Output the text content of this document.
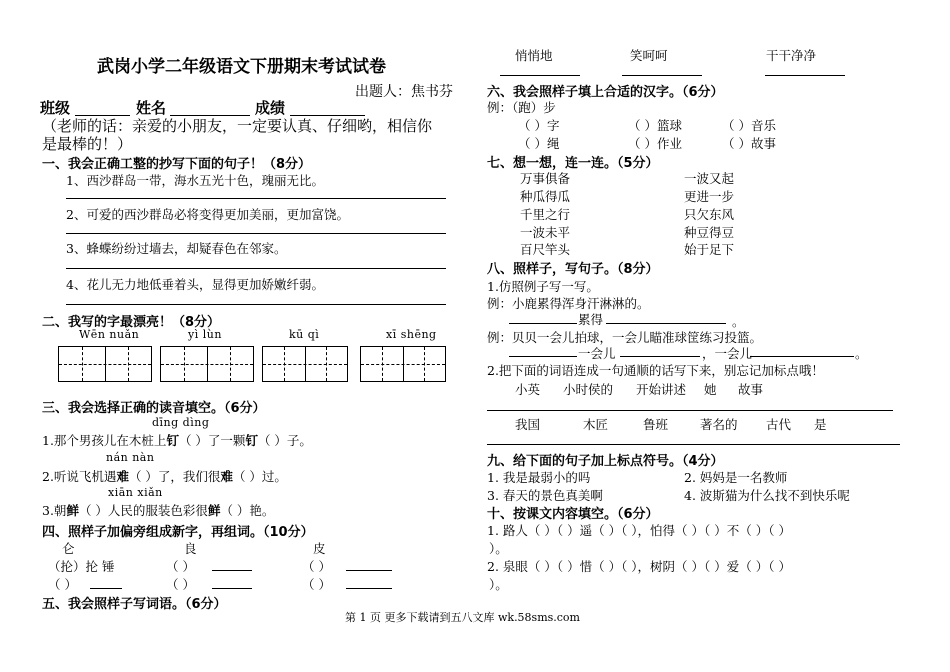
武岗小学二年级语文下册期末考试试卷
出题人：焦书芬
班级	姓名	成绩
（老师的话：亲爱的小朋友，一定要认真、仔细哟，相信你
是最棒的！）
一、我会正确工整的抄写下面的句子！（8分）
1、西沙群岛一带，海水五光十色，瑰丽无比。
2、可爱的西沙群岛必将变得更加美丽，更加富饶。
3、蜂蝶纷纷过墙去，却疑春色在邻家。
4、花儿无力地低垂着头，显得更加娇嫩纤弱。
二、我写的字最漂亮！（8分）
Wēn nuǎn	yì lùn	kū qì	xī shēng
三、我会选择正确的读音填空。（6分）
dīng dìng
1.那个男孩儿在木桩上钉（ ）了一颗钉（ ）子。
nán nàn
2.听说飞机遇难（ ）了，我们很难（ ）过。
xiān xiǎn
3.朝鲜（ ）人民的服装色彩很鲜（ ）艳。
四、照样子加偏旁组成新字，再组词。（10分）
仑	良	皮
（抡）抡 锤	（ ）	（ ）
（ ）	（ ）	（ ）
五、我会照样子写词语。（6分）
悄悄地	笑呵呵	干干净净
六、我会照样子填上合适的汉字。（6分）
例：（跑）步
（ ）字	（ ）篮球	（ ）音乐
（ ）绳	（ ）作业	（ ）故事
七、想一想，连一连。（5分）
万事俱备
种瓜得瓜
千里之行
一波未平
百尺竿头
一波又起
更进一步
只欠东风
种豆得豆
始于足下
八、照样子，写句子。（8分）
1.仿照例子写一写。
例：小鹿累得浑身汗淋淋的。
累得	。
例：贝贝一会儿拍球，一会儿瞄准球筐练习投篮。
一会儿	，一会儿	。
2.把下面的词语连成一句通顺的话写下来，别忘记加标点哦！
小英 小时侯的 开始讲述 她 故事
我国	木匠	鲁班	著名的 古代 是
九、给下面的句子加上标点符号。（4分）
1. 我是最弱小的吗	2. 妈妈是一名教师
3. 春天的景色真美啊	4. 波斯猫为什么找不到快乐呢
十、按课文内容填空。（6分）
1. 路人（ ）（ ）遥（ ）（ ），怕得（ ）（ ）不（ ）（ ）
）。
2. 泉眼（ ）（ ）惜（ ）（ ），树阴（ ）（ ）爱（ ）（ ）
）。
第 1 页 更多下载请到五八文库 wk.58sms.com
